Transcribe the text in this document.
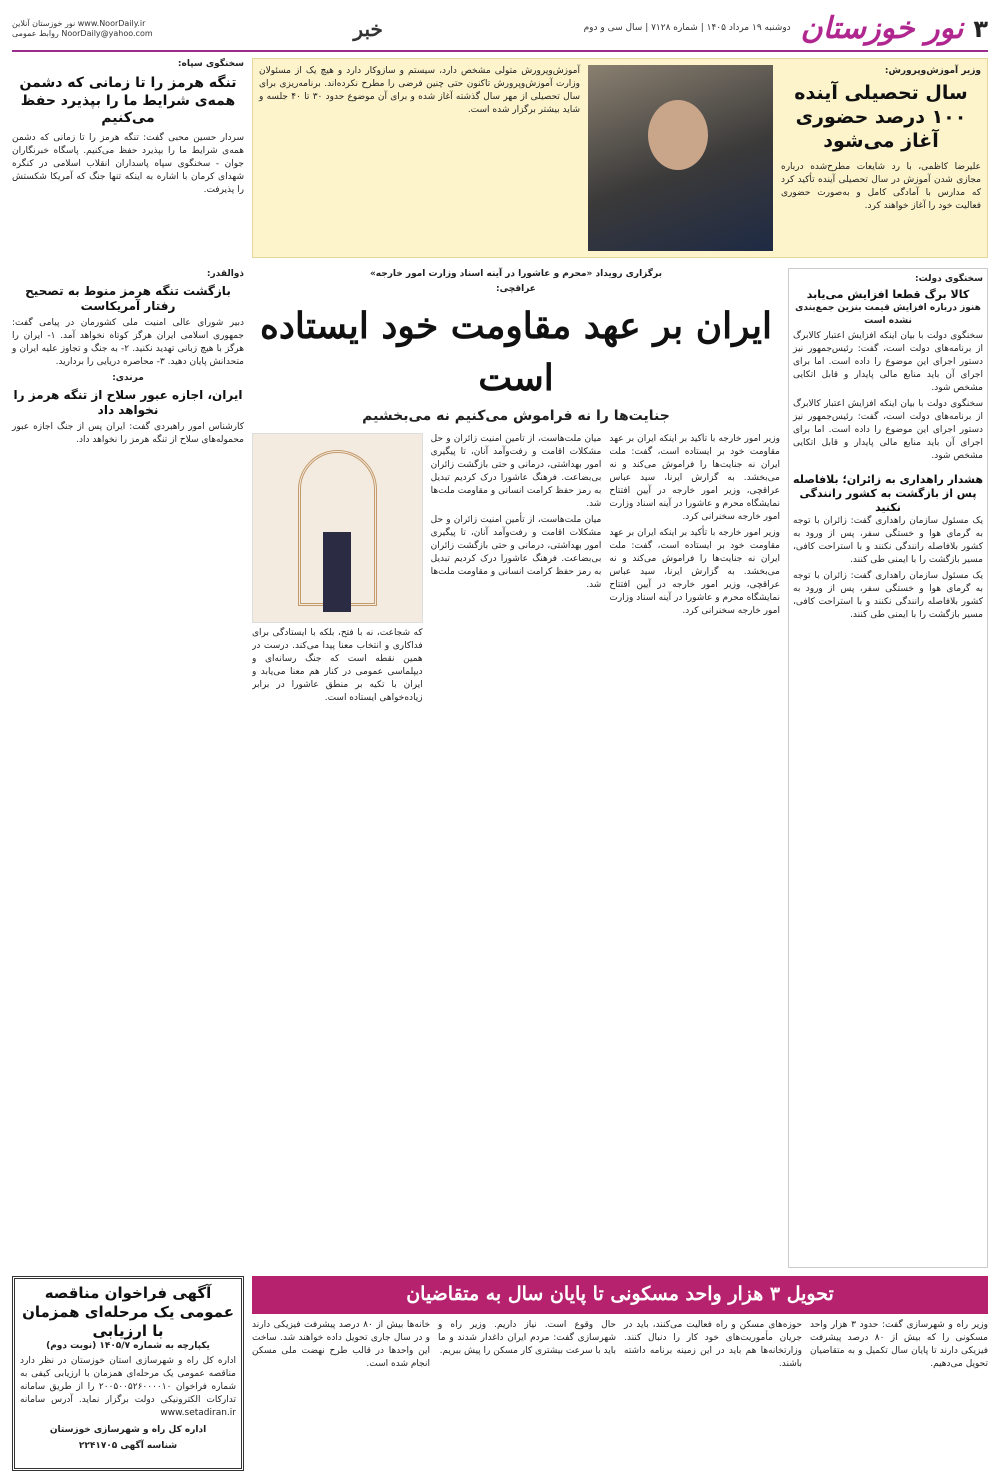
۳
نور خوزستان
دوشنبه ۱۹ مرداد ۱۴۰۵ | شماره ۷۱۲۸ | سال سی و دوم
خبر
نور خوزستان آنلاین www.NoorDaily.ir
روابط عمومی NoorDaily@yahoo.com
وزیر آموزش‌وپرورش:
سال تحصیلی آینده ۱۰۰ درصد حضوری آغاز می‌شود

علیرضا کاظمی، با رد شایعات مطرح‌شده درباره مجازی شدن آموزش در سال تحصیلی آینده تأکید کرد که مدارس با آمادگی کامل و به‌صورت حضوری فعالیت خود را آغاز خواهند کرد.

آموزش‌وپرورش متولی مشخص دارد، سیستم و سازوکار دارد و هیچ یک از مسئولان وزارت آموزش‌وپرورش تاکنون حتی چنین فرضی را مطرح نکرده‌اند. برنامه‌ریزی برای سال تحصیلی از مهر سال گذشته آغاز شده و برای آن موضوع حدود ۳۰ تا ۴۰ جلسه و شاید بیشتر برگزار شده است.

سخنگوی سپاه:
تنگه هرمز را تا زمانی که دشمن همه‌ی شرایط ما را بپذیرد حفظ می‌کنیم

سردار حسین محبی گفت: تنگه هرمز را تا زمانی که دشمن همه‌ی شرایط ما را بپذیرد حفظ می‌کنیم. پاسگاه خبرنگاران جوان - سخنگوی سپاه پاسداران انقلاب اسلامی در کنگره شهدای کرمان با اشاره به اینکه تنها جنگ که آمریکا شکستش را پذیرفت.

سخنگوی دولت:
کالا برگ قطعا افزایش می‌یابد
هنوز درباره افزایش قیمت بنزین جمع‌بندی نشده است

سخنگوی دولت با بیان اینکه افزایش اعتبار کالابرگ از برنامه‌های دولت است، گفت: رئیس‌جمهور نیز دستور اجرای این موضوع را داده است. اما برای اجرای آن باید منابع مالی پایدار و قابل اتکایی مشخص شود.

سخنگوی دولت با بیان اینکه افزایش اعتبار کالابرگ از برنامه‌های دولت است، گفت: رئیس‌جمهور نیز دستور اجرای این موضوع را داده است. اما برای اجرای آن باید منابع مالی پایدار و قابل اتکایی مشخص شود.

هشدار راهداری به زائران؛ بلافاصله پس از بازگشت به کشور رانندگی نکنید

یک مسئول سازمان راهداری گفت: زائران با توجه به گرمای هوا و خستگی سفر، پس از ورود به کشور بلافاصله رانندگی نکنند و با استراحت کافی، مسیر بازگشت را با ایمنی طی کنند.

یک مسئول سازمان راهداری گفت: زائران با توجه به گرمای هوا و خستگی سفر، پس از ورود به کشور بلافاصله رانندگی نکنند و با استراحت کافی، مسیر بازگشت را با ایمنی طی کنند.

برگزاری رویداد «محرم و عاشورا در آینه اسناد وزارت امور خارجه»
عراقچی:
ایران بر عهد مقاومت خود ایستاده است
جنایت‌ها را نه فراموش می‌کنیم نه می‌بخشیم

وزیر امور خارجه با تأکید بر اینکه ایران بر عهد مقاومت خود بر ایستاده است، گفت: ملت ایران نه جنایت‌ها را فراموش می‌کند و نه می‌بخشد. به گزارش ایرنا، سید عباس عراقچی، وزیر امور خارجه در آیین افتتاح نمایشگاه محرم و عاشورا در آینه اسناد وزارت امور خارجه سخنرانی کرد.

وزیر امور خارجه با تأکید بر اینکه ایران بر عهد مقاومت خود بر ایستاده است، گفت: ملت ایران نه جنایت‌ها را فراموش می‌کند و نه می‌بخشد. به گزارش ایرنا، سید عباس عراقچی، وزیر امور خارجه در آیین افتتاح نمایشگاه محرم و عاشورا در آینه اسناد وزارت امور خارجه سخنرانی کرد.

میان ملت‌هاست، از تأمین امنیت زائران و حل مشکلات اقامت و رفت‌وآمد آنان، تا پیگیری امور بهداشتی، درمانی و حتی بازگشت زائران بی‌بضاعت. فرهنگ عاشورا درک کردیم تبدیل به رمز حفظ کرامت انسانی و مقاومت ملت‌ها شد.

میان ملت‌هاست، از تأمین امنیت زائران و حل مشکلات اقامت و رفت‌وآمد آنان، تا پیگیری امور بهداشتی، درمانی و حتی بازگشت زائران بی‌بضاعت. فرهنگ عاشورا درک کردیم تبدیل به رمز حفظ کرامت انسانی و مقاومت ملت‌ها شد.

که شجاعت، نه با فتح، بلکه با ایستادگی برای فداکاری و انتخاب معنا پیدا می‌کند. درست در همین نقطه است که جنگ رسانه‌ای و دیپلماسی عمومی در کنار هم معنا می‌یابد و ایران با تکیه بر منطق عاشورا در برابر زیاده‌خواهی ایستاده است.

ذوالقدر:
بازگشت تنگه هرمز منوط به تصحیح رفتار آمریکاست

دبیر شورای عالی امنیت ملی کشورمان در پیامی گفت: جمهوری اسلامی ایران هرگز کوتاه نخواهد آمد. ۱- ایران را هرگز با هیچ زبانی تهدید نکنید. ۲- به جنگ و تجاوز علیه ایران و متحدانش پایان دهید. ۳- محاصره دریایی را بردارید.

مرندی:
ایران، اجازه عبور سلاح از تنگه هرمز را نخواهد داد

کارشناس امور راهبردی گفت: ایران پس از جنگ اجازه عبور محموله‌های سلاح از تنگه هرمز را نخواهد داد.

تحویل ۳ هزار واحد مسکونی تا پایان سال به متقاضیان

وزیر راه و شهرسازی گفت: حدود ۳ هزار واحد مسکونی را که بیش از ۸۰ درصد پیشرفت فیزیکی دارند تا پایان سال تکمیل و به متقاضیان تحویل می‌دهیم.

حوزه‌های مسکن و راه فعالیت می‌کنند، باید در جریان مأموریت‌های خود کار را دنبال کنند. وزارتخانه‌ها هم باید در این زمینه برنامه داشته باشند.

حال وقوع است. نیاز داریم. وزیر راه و شهرسازی گفت: مردم ایران داغدار شدند و ما باید با سرعت بیشتری کار مسکن را پیش ببریم.

خانه‌ها بیش از ۸۰ درصد پیشرفت فیزیکی دارند و در سال جاری تحویل داده خواهند شد. ساخت این واحدها در قالب طرح نهضت ملی مسکن انجام شده است.

آگهی فراخوان مناقصه عمومی یک مرحله‌ای همزمان با ارزیابی
یکپارچه به شماره ۱۴۰۵/۷ (نوبت دوم)

اداره کل راه و شهرسازی استان خوزستان در نظر دارد مناقصه عمومی یک مرحله‌ای همزمان با ارزیابی کیفی به شماره فراخوان ۲۰۰۵۰۰۵۲۶۰۰۰۰۱۰ را از طریق سامانه تدارکات الکترونیکی دولت برگزار نماید. آدرس سامانه www.setadiran.ir

اداره کل راه و شهرسازی خوزستان
شناسه آگهی ۲۲۴۱۷۰۵
